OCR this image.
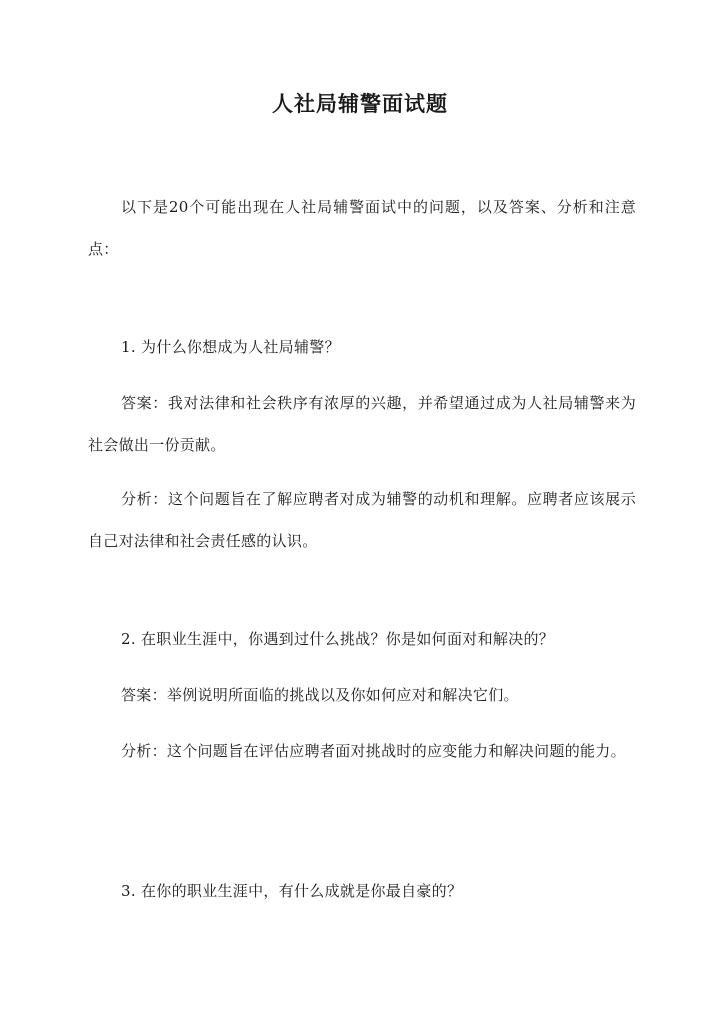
人社局辅警面试题

以下是20个可能出现在人社局辅警面试中的问题，以及答案、分析和注意点：

1. 为什么你想成为人社局辅警？

答案：我对法律和社会秩序有浓厚的兴趣，并希望通过成为人社局辅警来为社会做出一份贡献。

分析：这个问题旨在了解应聘者对成为辅警的动机和理解。应聘者应该展示自己对法律和社会责任感的认识。

2. 在职业生涯中，你遇到过什么挑战？你是如何面对和解决的？

答案：举例说明所面临的挑战以及你如何应对和解决它们。

分析：这个问题旨在评估应聘者面对挑战时的应变能力和解决问题的能力。

3. 在你的职业生涯中，有什么成就是你最自豪的？
